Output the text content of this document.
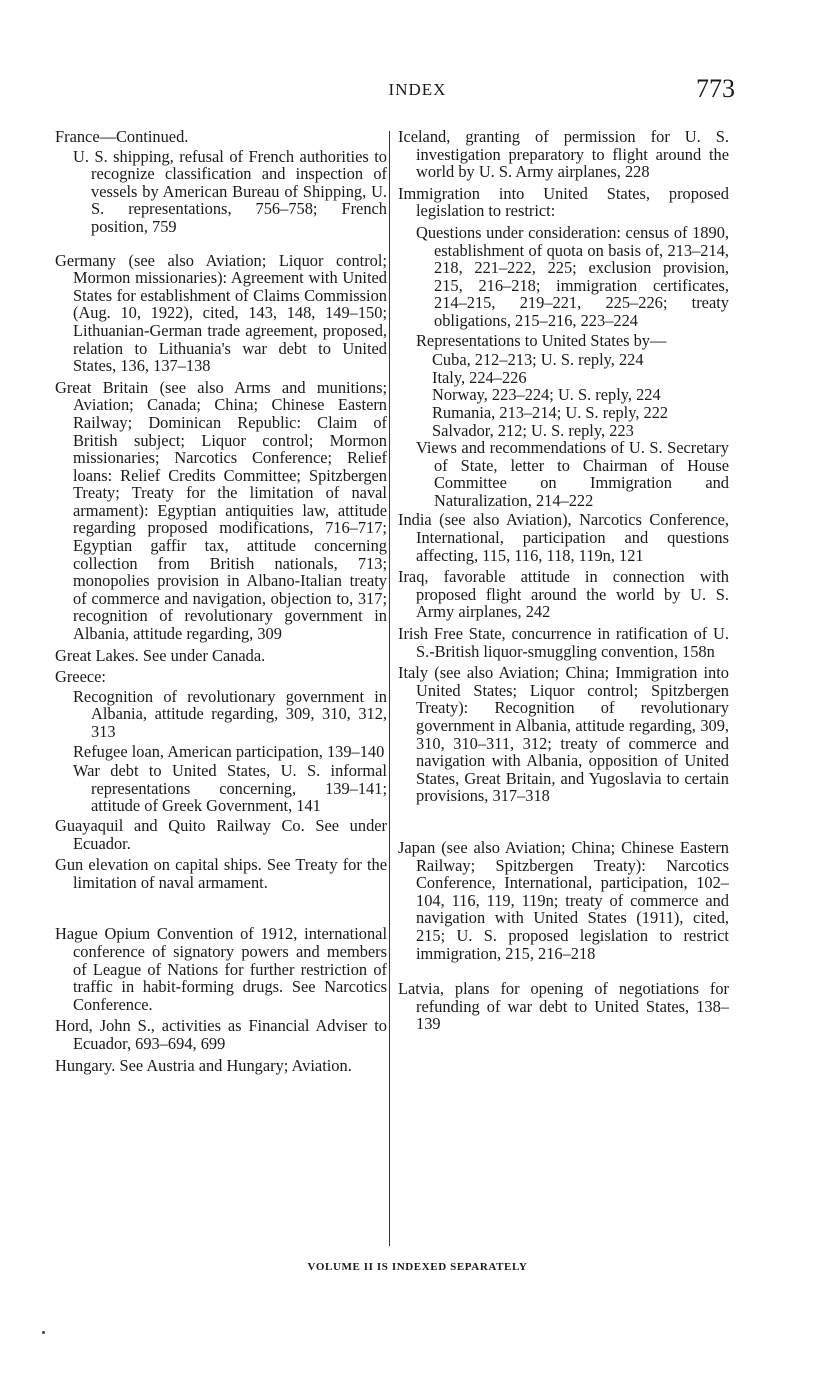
INDEX	773

France—Continued.

U. S. shipping, refusal of French authorities to recognize classification and inspection of vessels by American Bureau of Shipping, U. S. representations, 756–758; French position, 759

Germany (see also Aviation; Liquor control; Mormon missionaries): Agreement with United States for establishment of Claims Commission (Aug. 10, 1922), cited, 143, 148, 149–150; Lithuanian-German trade agreement, proposed, relation to Lithuania's war debt to United States, 136, 137–138

Great Britain (see also Arms and munitions; Aviation; Canada; China; Chinese Eastern Railway; Dominican Republic: Claim of British subject; Liquor control; Mormon missionaries; Narcotics Conference; Relief loans: Relief Credits Committee; Spitzbergen Treaty; Treaty for the limitation of naval armament): Egyptian antiquities law, attitude regarding proposed modifications, 716–717; Egyptian gaffir tax, attitude concerning collection from British nationals, 713; monopolies provision in Albano-Italian treaty of commerce and navigation, objection to, 317; recognition of revolutionary government in Albania, attitude regarding, 309

Great Lakes. See under Canada.

Greece:

Recognition of revolutionary government in Albania, attitude regarding, 309, 310, 312, 313

Refugee loan, American participation, 139–140

War debt to United States, U. S. informal representations concerning, 139–141; attitude of Greek Government, 141

Guayaquil and Quito Railway Co. See under Ecuador.

Gun elevation on capital ships. See Treaty for the limitation of naval armament.

Hague Opium Convention of 1912, international conference of signatory powers and members of League of Nations for further restriction of traffic in habit-forming drugs. See Narcotics Conference.

Hord, John S., activities as Financial Adviser to Ecuador, 693–694, 699

Hungary. See Austria and Hungary; Aviation.

Iceland, granting of permission for U. S. investigation preparatory to flight around the world by U. S. Army airplanes, 228

Immigration into United States, proposed legislation to restrict:

Questions under consideration: census of 1890, establishment of quota on basis of, 213–214, 218, 221–222, 225; exclusion provision, 215, 216–218; immigration certificates, 214–215, 219–221, 225–226; treaty obligations, 215–216, 223–224

Representations to United States by—

Cuba, 212–213; U. S. reply, 224

Italy, 224–226

Norway, 223–224; U. S. reply, 224

Rumania, 213–214; U. S. reply, 222

Salvador, 212; U. S. reply, 223

Views and recommendations of U. S. Secretary of State, letter to Chairman of House Committee on Immigration and Naturalization, 214–222

India (see also Aviation), Narcotics Conference, International, participation and questions affecting, 115, 116, 118, 119n, 121

Iraq, favorable attitude in connection with proposed flight around the world by U. S. Army airplanes, 242

Irish Free State, concurrence in ratification of U. S.-British liquor-smuggling convention, 158n

Italy (see also Aviation; China; Immigration into United States; Liquor control; Spitzbergen Treaty): Recognition of revolutionary government in Albania, attitude regarding, 309, 310, 310–311, 312; treaty of commerce and navigation with Albania, opposition of United States, Great Britain, and Yugoslavia to certain provisions, 317–318

Japan (see also Aviation; China; Chinese Eastern Railway; Spitzbergen Treaty): Narcotics Conference, International, participation, 102–104, 116, 119, 119n; treaty of commerce and navigation with United States (1911), cited, 215; U. S. proposed legislation to restrict immigration, 215, 216–218

Latvia, plans for opening of negotiations for refunding of war debt to United States, 138–139

VOLUME II IS INDEXED SEPARATELY
